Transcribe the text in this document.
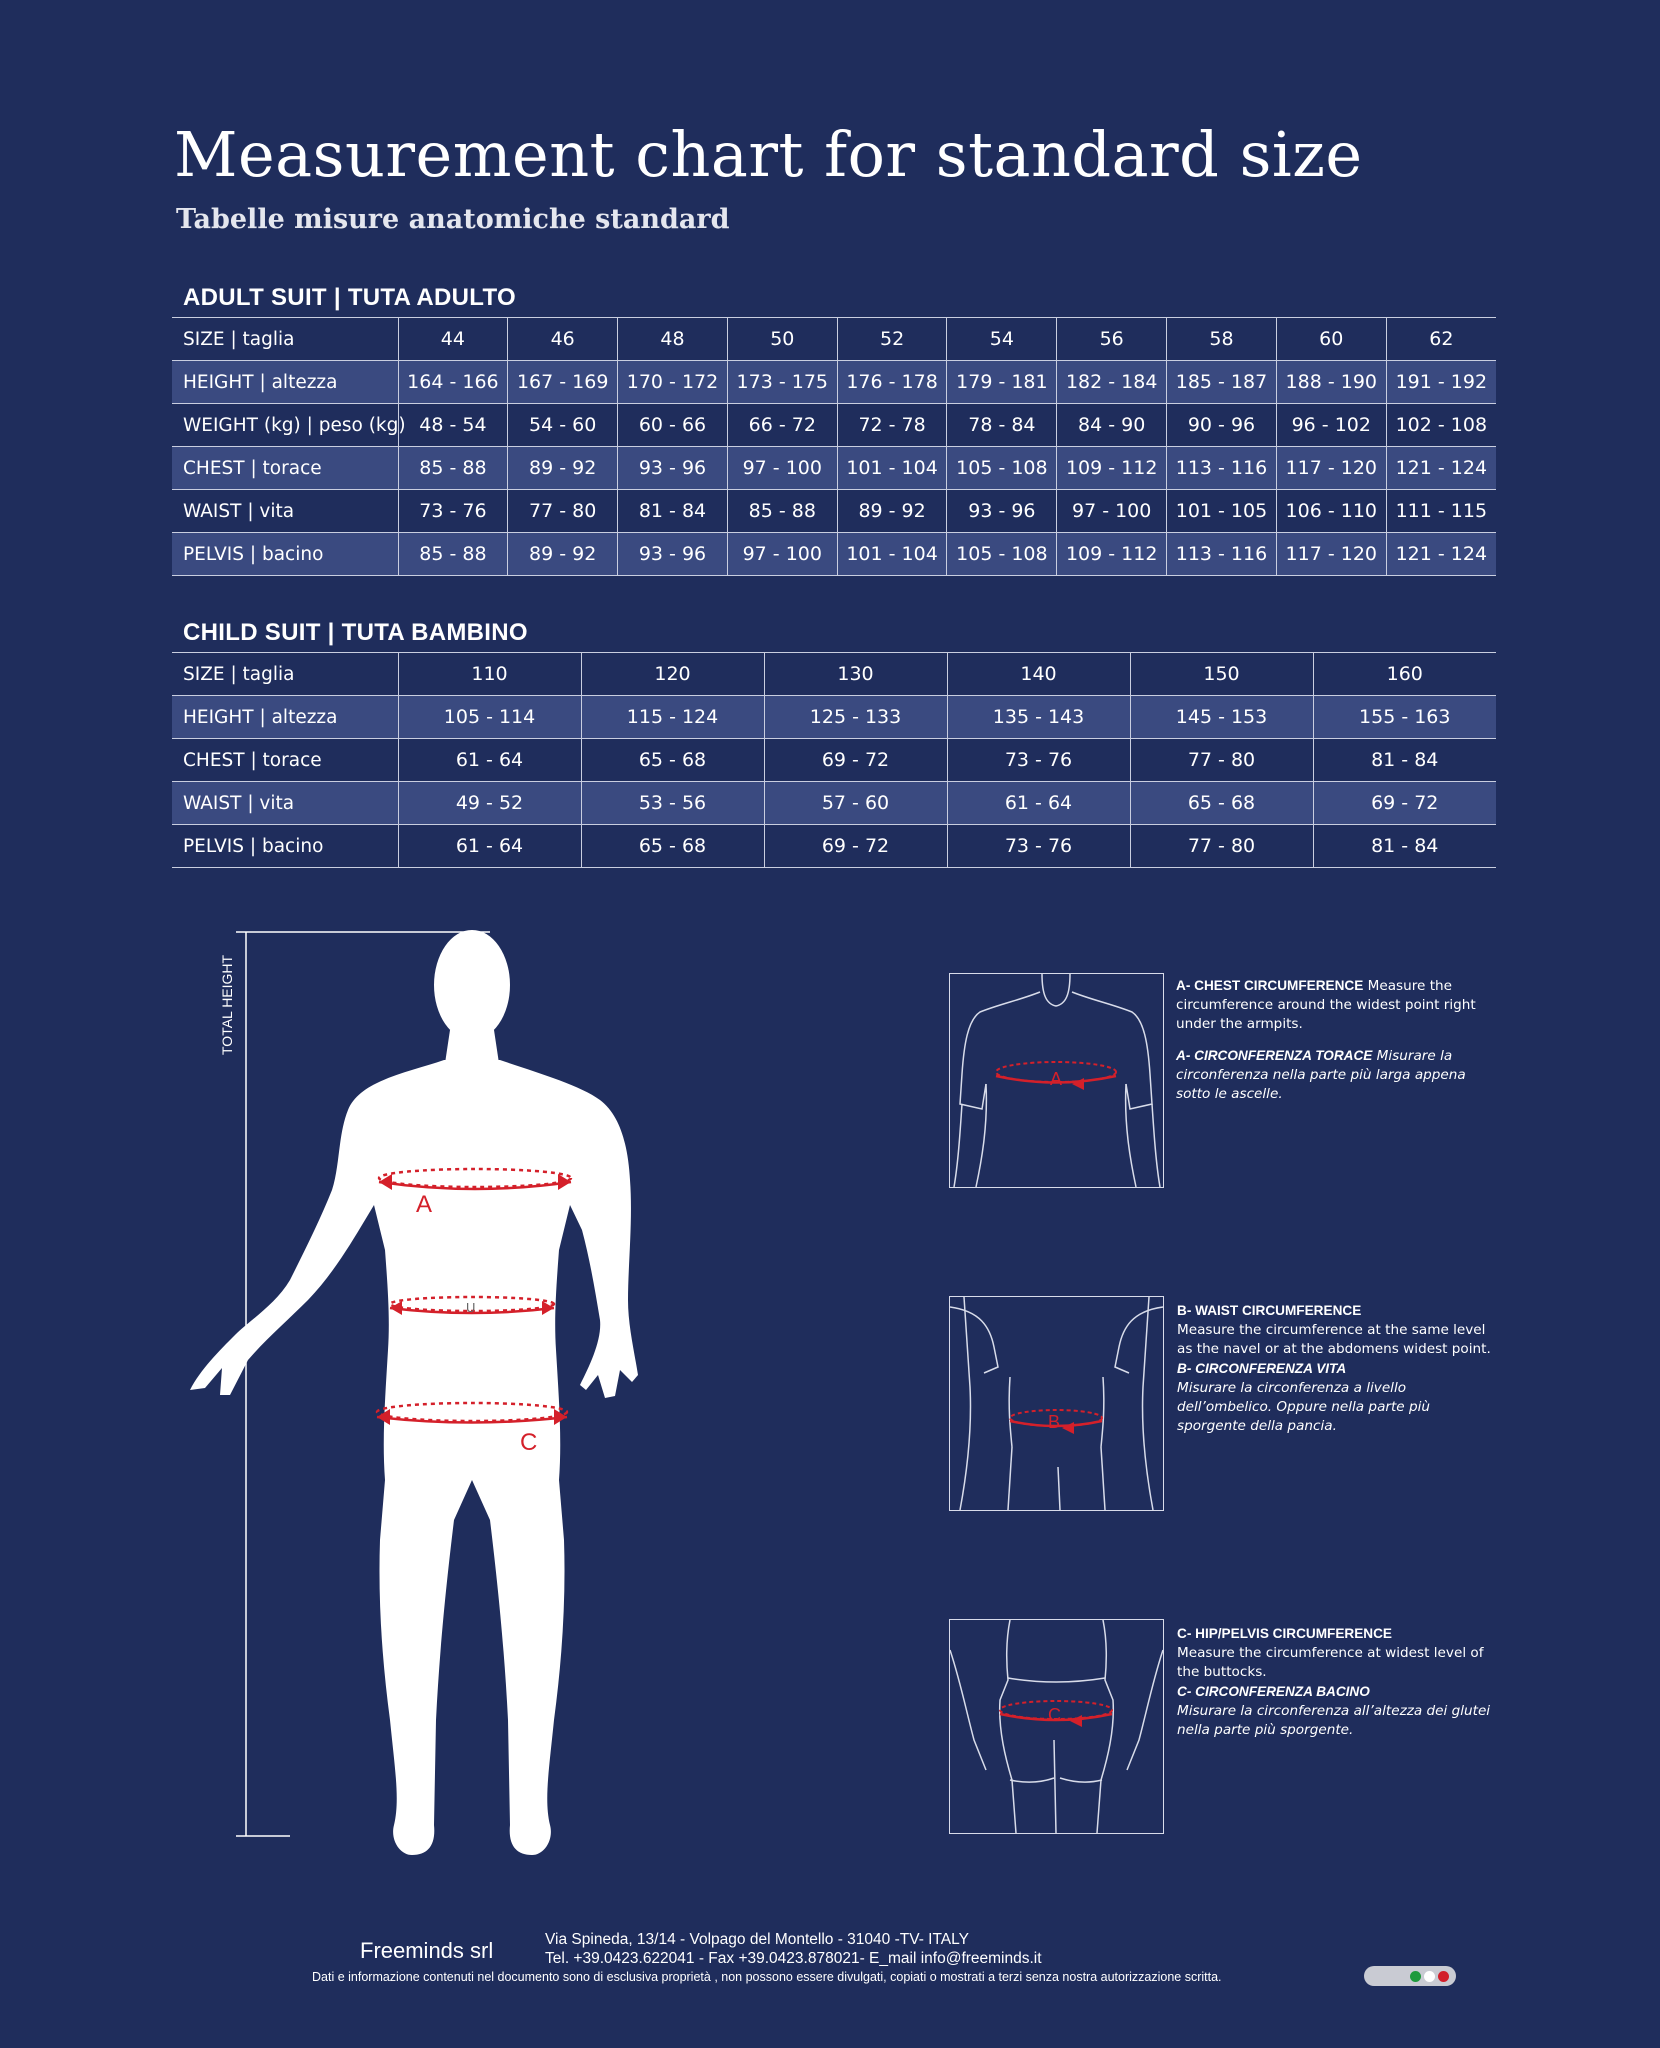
Measurement chart for standard size
Tabelle misure anatomiche standard
ADULT SUIT | TUTA ADULTO
SIZE | taglia	44	46	48	50	52	54	56	58	60	62
HEIGHT | altezza	164 - 166	167 - 169	170 - 172	173 - 175	176 - 178	179 - 181	182 - 184	185 - 187	188 - 190	191 - 192
WEIGHT (kg) | peso (kg)	48 - 54	54 - 60	60 - 66	66 - 72	72 - 78	78 - 84	84 - 90	90 - 96	96 - 102	102 - 108
CHEST | torace	85 - 88	89 - 92	93 - 96	97 - 100	101 - 104	105 - 108	109 - 112	113 - 116	117 - 120	121 - 124
WAIST | vita	73 - 76	77 - 80	81 - 84	85 - 88	89 - 92	93 - 96	97 - 100	101 - 105	106 - 110	111 - 115
PELVIS | bacino	85 - 88	89 - 92	93 - 96	97 - 100	101 - 104	105 - 108	109 - 112	113 - 116	117 - 120	121 - 124
CHILD SUIT | TUTA BAMBINO
SIZE | taglia	110	120	130	140	150	160
HEIGHT | altezza	105 - 114	115 - 124	125 - 133	135 - 143	145 - 153	155 - 163
CHEST | torace	61 - 64	65 - 68	69 - 72	73 - 76	77 - 80	81 - 84
WAIST | vita	49 - 52	53 - 56	57 - 60	61 - 64	65 - 68	69 - 72
PELVIS | bacino	61 - 64	65 - 68	69 - 72	73 - 76	77 - 80	81 - 84
TOTAL HEIGHT
A
U
C
A

A- CHEST CIRCUMFERENCE Measure the circumference around the widest point right under the armpits.

A- CIRCONFERENZA TORACE Misurare la circonferenza nella parte più larga appena sotto le ascelle.

B

B- WAIST CIRCUMFERENCE
Measure the circumference at the same level as the navel or at the abdomens widest point.

B- CIRCONFERENZA VITA
Misurare la circonferenza a livello dell’ombelico. Oppure nella parte più sporgente della pancia.

C

C- HIP/PELVIS CIRCUMFERENCE
Measure the circumference at widest level of the buttocks.

C- CIRCONFERENZA BACINO
Misurare la circonferenza all’altezza dei glutei nella parte più sporgente.

Freeminds srl	Via Spineda, 13/14 - Volpago del Montello - 31040 -TV- ITALY
Tel. +39.0423.622041 - Fax +39.0423.878021- E_mail info@freeminds.it
Dati e informazione contenuti nel documento sono di esclusiva proprietà , non possono essere divulgati, copiati o mostrati a terzi senza nostra autorizzazione scritta.
